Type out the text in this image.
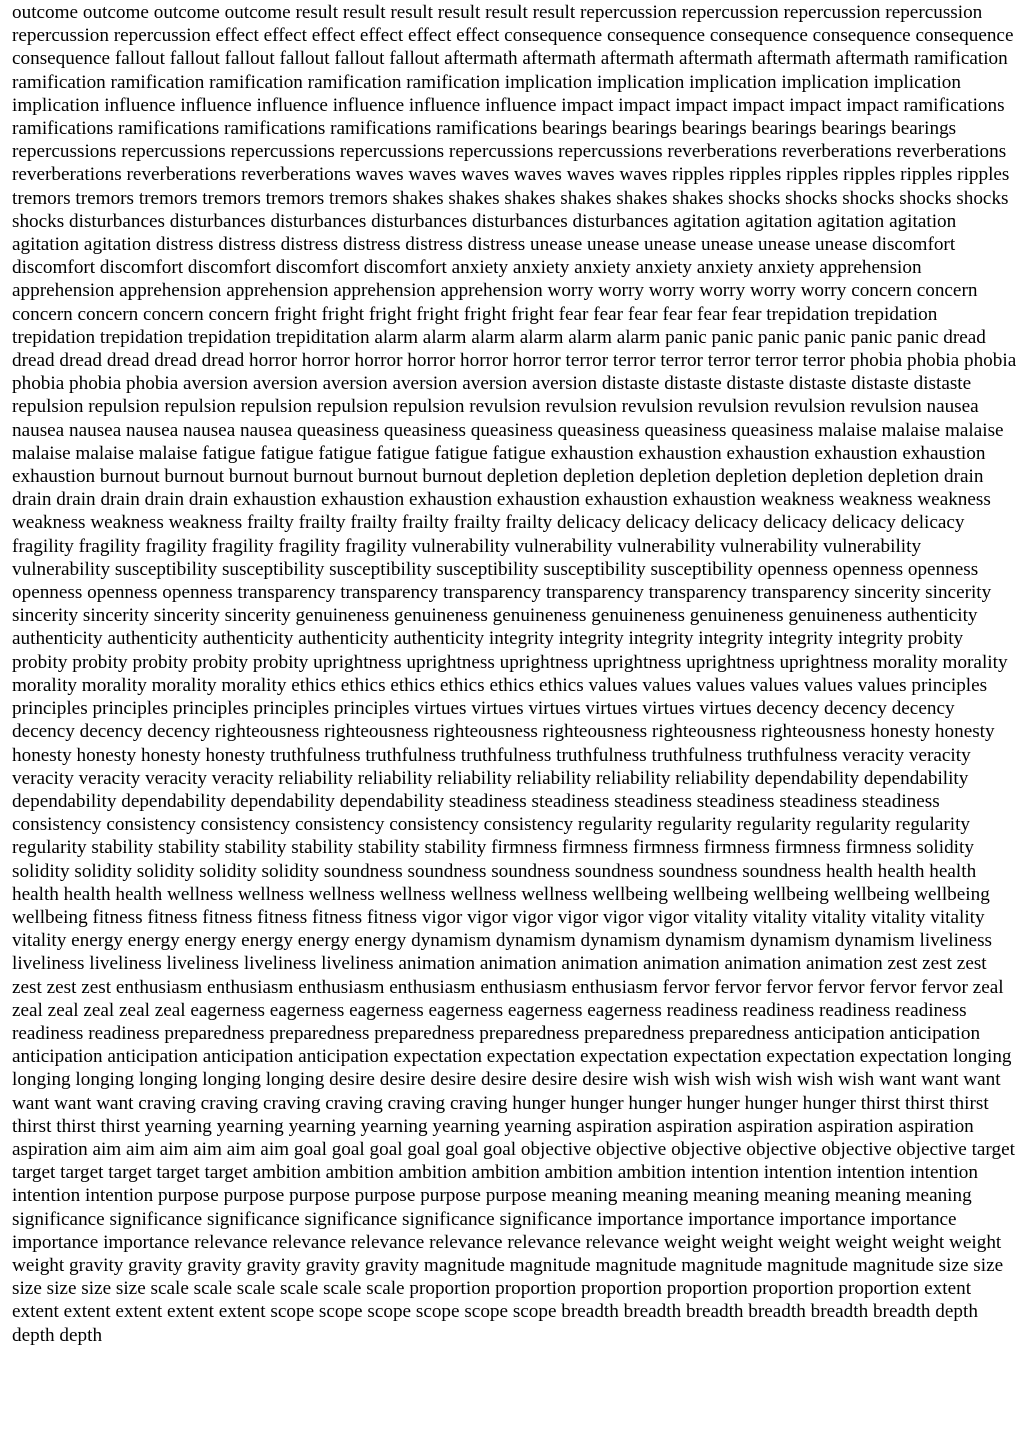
outcome outcome outcome outcome result result result result result result repercussion repercussion repercussion repercussion repercussion repercussion effect effect effect effect effect effect consequence consequence consequence consequence consequence consequence fallout fallout fallout fallout fallout fallout aftermath aftermath aftermath aftermath aftermath aftermath ramification ramification ramification ramification ramification ramification implication implication implication implication implication implication influence influence influence influence influence influence impact impact impact impact impact impact ramifications ramifications ramifications ramifications ramifications ramifications bearings bearings bearings bearings bearings bearings repercussions repercussions repercussions repercussions repercussions repercussions reverberations reverberations reverberations reverberations reverberations reverberations waves waves waves waves waves waves ripples ripples ripples ripples ripples ripples tremors tremors tremors tremors tremors tremors shakes shakes shakes shakes shakes shakes shocks shocks shocks shocks shocks shocks disturbances disturbances disturbances disturbances disturbances disturbances agitation agitation agitation agitation agitation agitation distress distress distress distress distress distress unease unease unease unease unease unease discomfort discomfort discomfort discomfort discomfort discomfort anxiety anxiety anxiety anxiety anxiety anxiety apprehension apprehension apprehension apprehension apprehension apprehension worry worry worry worry worry worry concern concern concern concern concern concern fright fright fright fright fright fright fear fear fear fear fear fear trepidation trepidation trepidation trepidation trepidation trepiditation alarm alarm alarm alarm alarm alarm panic panic panic panic panic panic dread dread dread dread dread dread horror horror horror horror horror horror terror terror terror terror terror terror phobia phobia phobia phobia phobia phobia aversion aversion aversion aversion aversion aversion distaste distaste distaste distaste distaste distaste repulsion repulsion repulsion repulsion repulsion repulsion revulsion revulsion revulsion revulsion revulsion revulsion nausea nausea nausea nausea nausea nausea queasiness queasiness queasiness queasiness queasiness queasiness malaise malaise malaise malaise malaise malaise fatigue fatigue fatigue fatigue fatigue fatigue exhaustion exhaustion exhaustion exhaustion exhaustion exhaustion burnout burnout burnout burnout burnout burnout depletion depletion depletion depletion depletion depletion drain drain drain drain drain drain exhaustion exhaustion exhaustion exhaustion exhaustion exhaustion weakness weakness weakness weakness weakness weakness frailty frailty frailty frailty frailty frailty delicacy delicacy delicacy delicacy delicacy delicacy fragility fragility fragility fragility fragility fragility vulnerability vulnerability vulnerability vulnerability vulnerability vulnerability susceptibility susceptibility susceptibility susceptibility susceptibility susceptibility openness openness openness openness openness openness transparency transparency transparency transparency transparency transparency sincerity sincerity sincerity sincerity sincerity sincerity genuineness genuineness genuineness genuineness genuineness genuineness authenticity authenticity authenticity authenticity authenticity authenticity integrity integrity integrity integrity integrity integrity probity probity probity probity probity probity uprightness uprightness uprightness uprightness uprightness uprightness morality morality morality morality morality morality ethics ethics ethics ethics ethics ethics values values values values values values principles principles principles principles principles principles virtues virtues virtues virtues virtues virtues decency decency decency decency decency decency righteousness righteousness righteousness righteousness righteousness righteousness honesty honesty honesty honesty honesty honesty truthfulness truthfulness truthfulness truthfulness truthfulness truthfulness veracity veracity veracity veracity veracity veracity reliability reliability reliability reliability reliability reliability dependability dependability dependability dependability dependability dependability steadiness steadiness steadiness steadiness steadiness steadiness consistency consistency consistency consistency consistency consistency regularity regularity regularity regularity regularity regularity stability stability stability stability stability stability firmness firmness firmness firmness firmness firmness solidity solidity solidity solidity solidity solidity soundness soundness soundness soundness soundness soundness health health health health health health wellness wellness wellness wellness wellness wellness wellbeing wellbeing wellbeing wellbeing wellbeing wellbeing fitness fitness fitness fitness fitness fitness vigor vigor vigor vigor vigor vigor vitality vitality vitality vitality vitality vitality energy energy energy energy energy energy dynamism dynamism dynamism dynamism dynamism dynamism liveliness liveliness liveliness liveliness liveliness liveliness animation animation animation animation animation animation zest zest zest zest zest zest enthusiasm enthusiasm enthusiasm enthusiasm enthusiasm enthusiasm fervor fervor fervor fervor fervor fervor zeal zeal zeal zeal zeal zeal eagerness eagerness eagerness eagerness eagerness eagerness readiness readiness readiness readiness readiness readiness preparedness preparedness preparedness preparedness preparedness preparedness anticipation anticipation anticipation anticipation anticipation anticipation expectation expectation expectation expectation expectation expectation longing longing longing longing longing longing desire desire desire desire desire desire wish wish wish wish wish wish want want want want want want craving craving craving craving craving craving hunger hunger hunger hunger hunger hunger thirst thirst thirst thirst thirst thirst yearning yearning yearning yearning yearning yearning aspiration aspiration aspiration aspiration aspiration aspiration aim aim aim aim aim aim goal goal goal goal goal goal objective objective objective objective objective objective target target target target target target ambition ambition ambition ambition ambition ambition intention intention intention intention intention intention purpose purpose purpose purpose purpose purpose meaning meaning meaning meaning meaning meaning significance significance significance significance significance significance importance importance importance importance importance importance relevance relevance relevance relevance relevance relevance weight weight weight weight weight weight weight gravity gravity gravity gravity gravity gravity magnitude magnitude magnitude magnitude magnitude magnitude size size size size size size scale scale scale scale scale scale proportion proportion proportion proportion proportion proportion extent extent extent extent extent extent scope scope scope scope scope scope breadth breadth breadth breadth breadth breadth depth depth depth
